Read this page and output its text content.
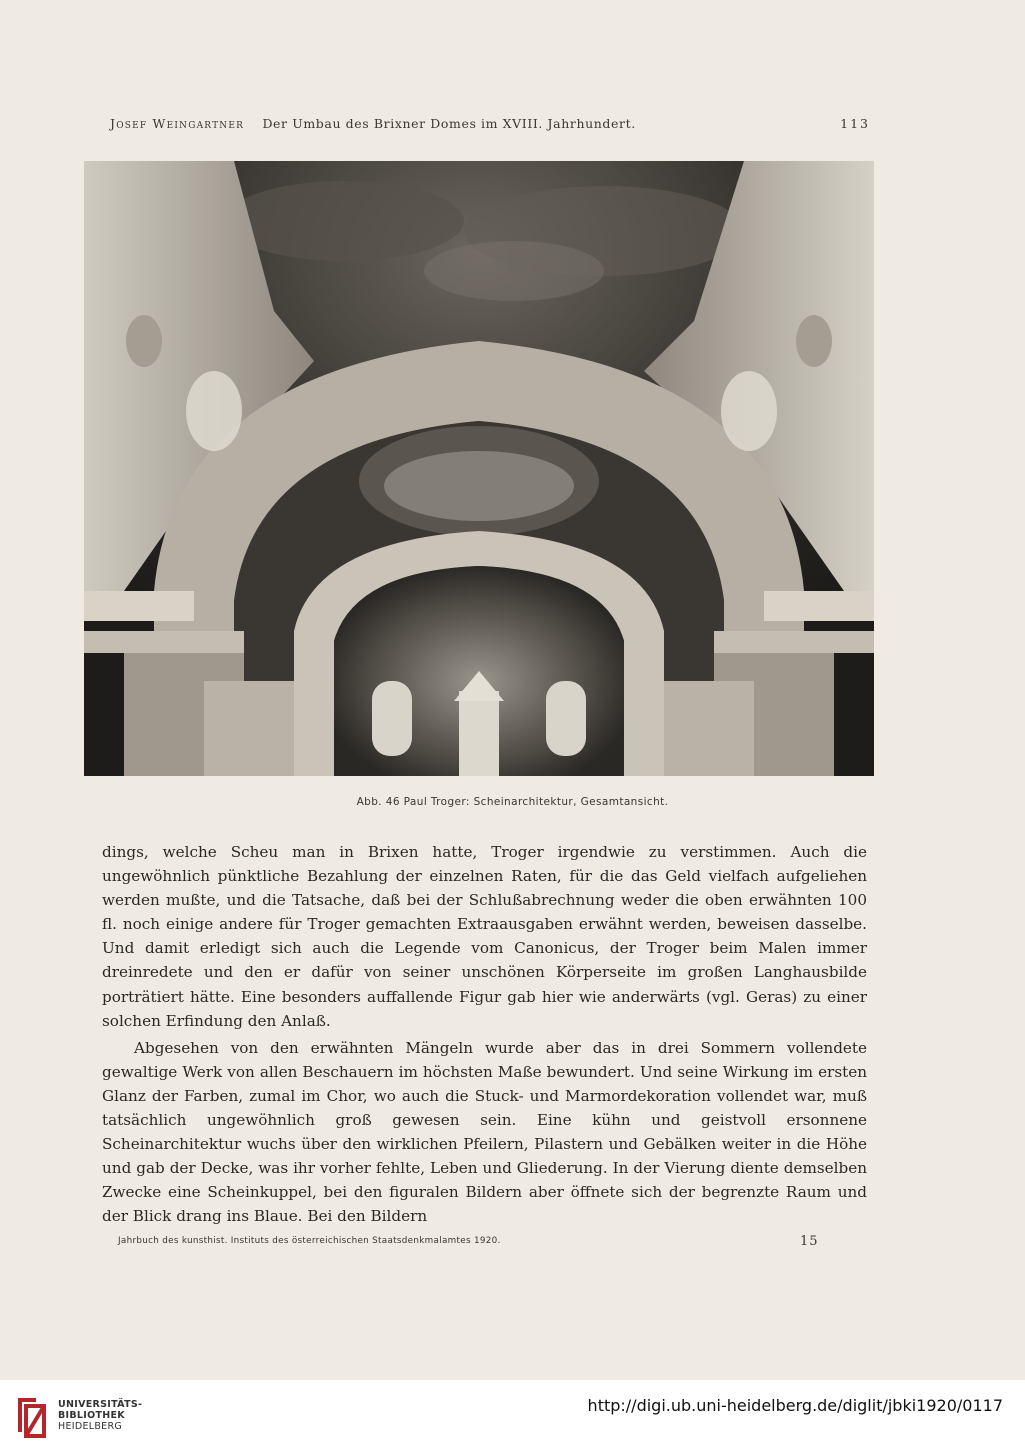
Josef Weingartner Der Umbau des Brixner Domes im XVIII. Jahrhundert.	113
Abb. 46 Paul Troger: Scheinarchitektur, Gesamtansicht.

dings, welche Scheu man in Brixen hatte, Troger irgendwie zu verstimmen. Auch die ungewöhnlich pünktliche Bezahlung der einzelnen Raten, für die das Geld vielfach aufgeliehen werden mußte, und die Tatsache, daß bei der Schlußabrechnung weder die oben erwähnten 100 fl. noch einige andere für Troger gemachten Extraausgaben erwähnt werden, beweisen dasselbe. Und damit erledigt sich auch die Legende vom Canonicus, der Troger beim Malen immer dreinredete und den er dafür von seiner unschönen Körperseite im großen Langhausbilde porträtiert hätte. Eine besonders auffallende Figur gab hier wie anderwärts (vgl. Geras) zu einer solchen Erfindung den Anlaß.

Abgesehen von den erwähnten Mängeln wurde aber das in drei Sommern vollendete gewaltige Werk von allen Beschauern im höchsten Maße bewundert. Und seine Wirkung im ersten Glanz der Farben, zumal im Chor, wo auch die Stuck- und Marmordekoration vollendet war, muß tatsächlich ungewöhnlich groß gewesen sein. Eine kühn und geistvoll ersonnene Scheinarchitektur wuchs über den wirklichen Pfeilern, Pilastern und Gebälken weiter in die Höhe und gab der Decke, was ihr vorher fehlte, Leben und Gliederung. In der Vierung diente demselben Zwecke eine Scheinkuppel, bei den figuralen Bildern aber öffnete sich der begrenzte Raum und der Blick drang ins Blaue. Bei den Bildern

Jahrbuch des kunsthist. Instituts des österreichischen Staatsdenkmalamtes 1920.	15
UNIVERSITÄTS-
BIBLIOTHEK
HEIDELBERG
http://digi.ub.uni-heidelberg.de/diglit/jbki1920/0117
